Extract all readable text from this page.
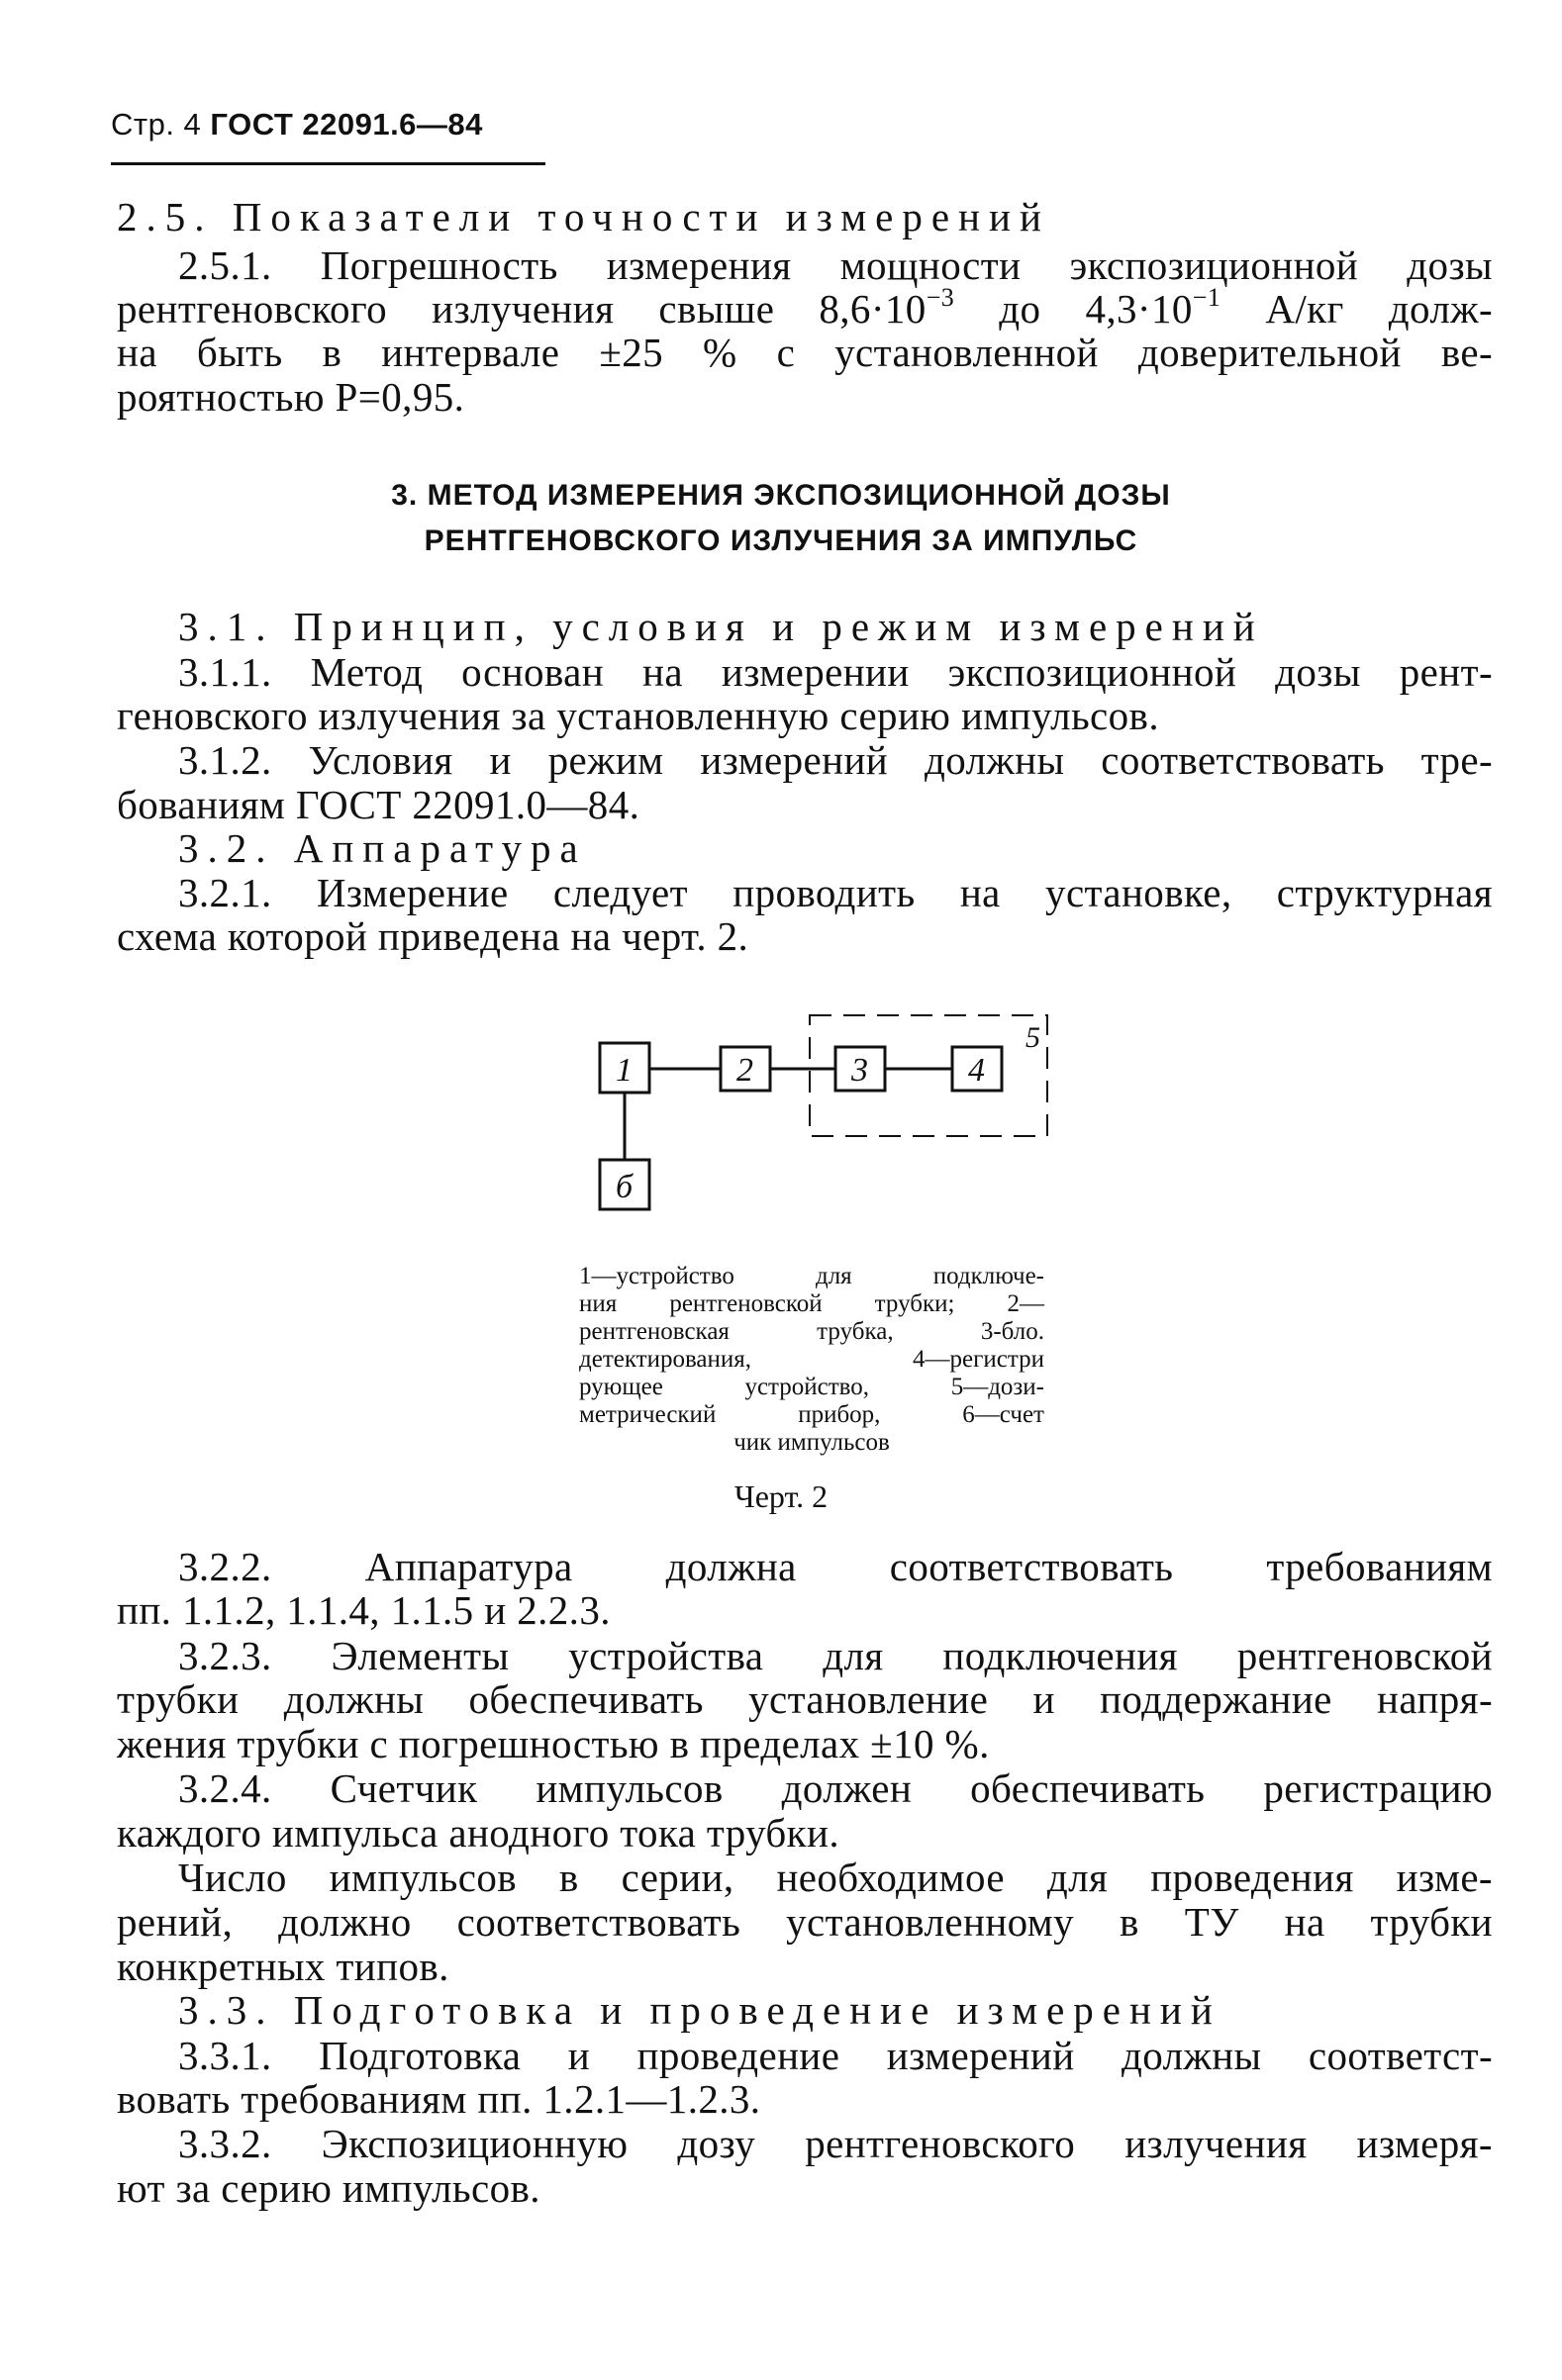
Стр. 4 ГОСТ 22091.6—84
2.5. Показатели точности измерений
2.5.1. Погрешность измерения мощности экспозиционной дозы
рентгеновского излучения свыше $8,6\cdot 10^{-3}$ до $4,3\cdot 10^{-1}$ А/кг долж-
на быть в интервале ±25 % с установленной доверительной ве-
роятностью Р=0,95.
3. МЕТОД ИЗМЕРЕНИЯ ЭКСПОЗИЦИОННОЙ ДОЗЫ
РЕНТГЕНОВСКОГО ИЗЛУЧЕНИЯ ЗА ИМПУЛЬС
3.1. Принцип, условия и режим измерений
3.1.1. Метод основан на измерении экспозиционной дозы рент-
геновского излучения за установленную серию импульсов.
3.1.2. Условия и режим измерений должны соответствовать тре-
бованиям ГОСТ 22091.0—84.
3.2. Аппаратура
3.2.1. Измерение следует проводить на установке, структурная
схема которой приведена на черт. 2.
1	2	3	4
б
5
1—устройство для подключе-
ния рентгеновской трубки; 2—
рентгеновская трубка, 3-бло.
детектирования, 4—регистри
рующее устройство, 5—дози-
метрический прибор, 6—счет
чик импульсов
Черт. 2
3.2.2. Аппаратура должна соответствовать требованиям
пп. 1.1.2, 1.1.4, 1.1.5 и 2.2.3.
3.2.3. Элементы устройства для подключения рентгеновской
трубки должны обеспечивать установление и поддержание напря-
жения трубки с погрешностью в пределах ±10 %.
3.2.4. Счетчик импульсов должен обеспечивать регистрацию
каждого импульса анодного тока трубки.
Число импульсов в серии, необходимое для проведения изме-
рений, должно соответствовать установленному в ТУ на трубки
конкретных типов.
3.3. Подготовка и проведение измерений
3.3.1. Подготовка и проведение измерений должны соответст-
вовать требованиям пп. 1.2.1—1.2.3.
3.3.2. Экспозиционную дозу рентгеновского излучения измеря-
ют за серию импульсов.
